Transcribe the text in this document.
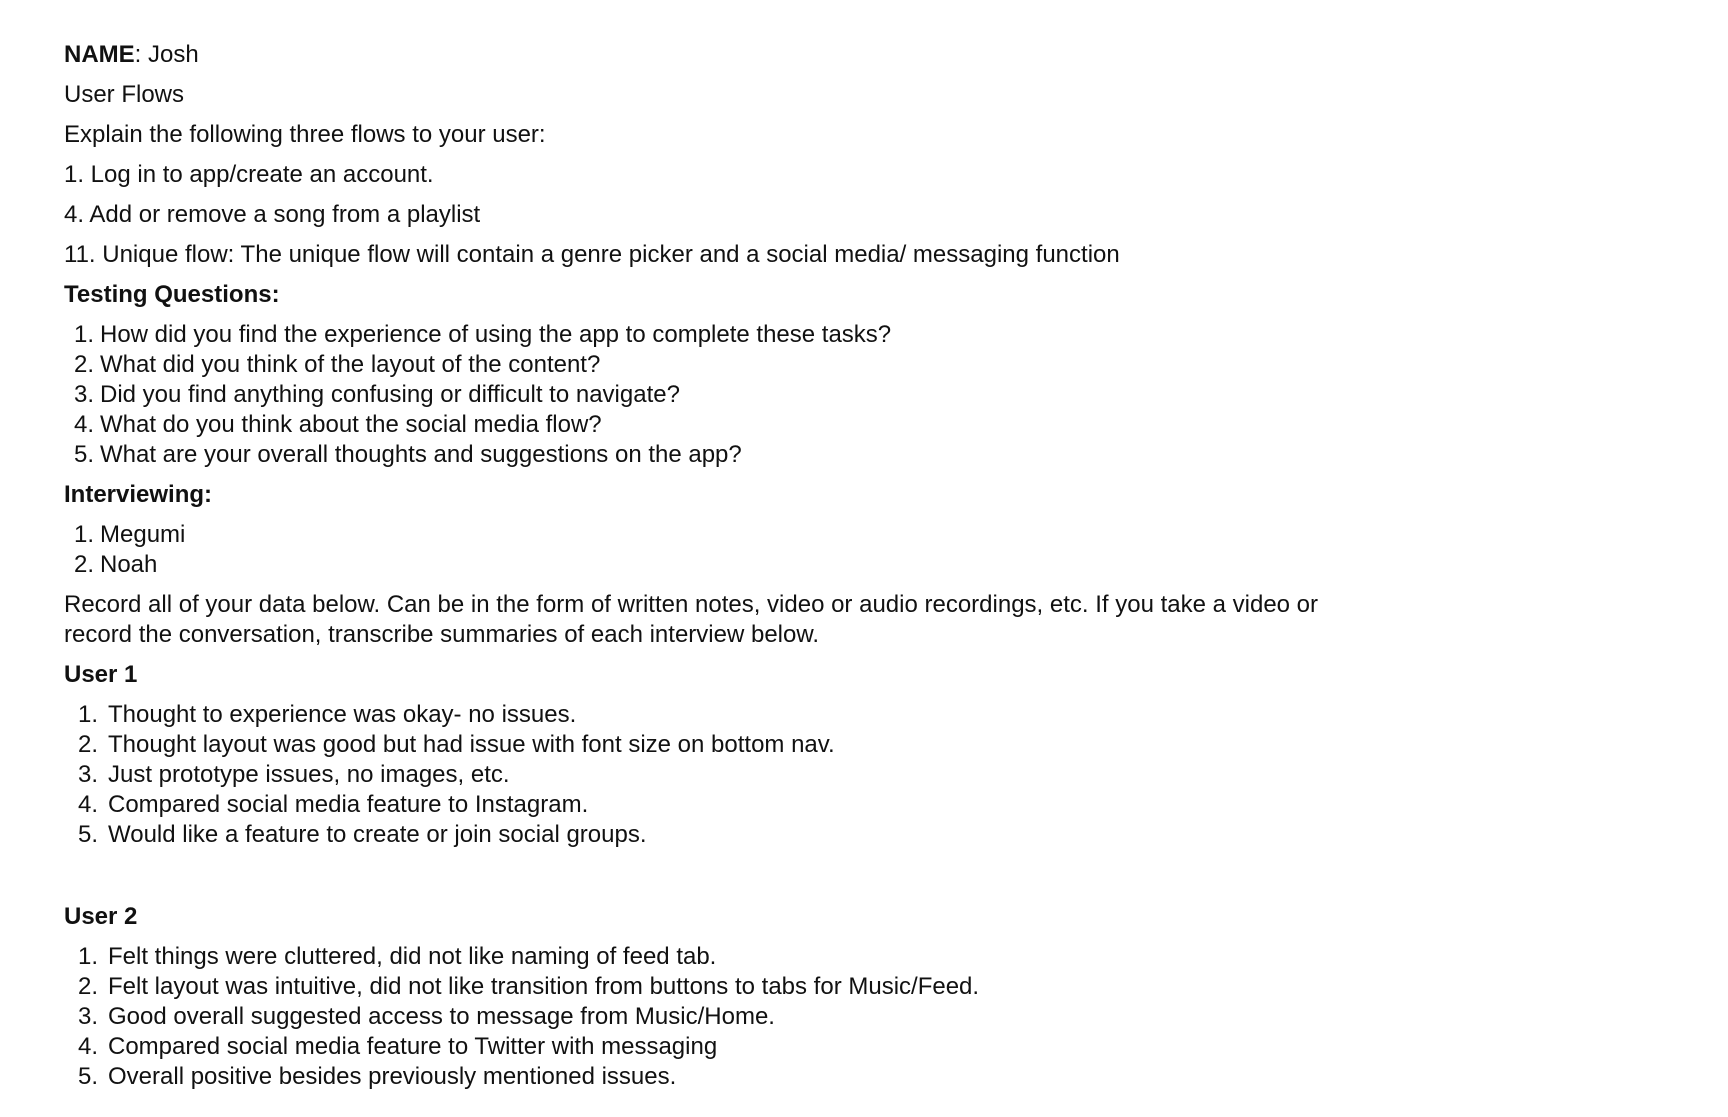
NAME: Josh

User Flows

Explain the following three flows to your user:

1. Log in to app/create an account.

4. Add or remove a song from a playlist

11. Unique flow: The unique flow will contain a genre picker and a social media/ messaging function

Testing Questions:

1. How did you find the experience of using the app to complete these tasks?
2. What did you think of the layout of the content?
3. Did you find anything confusing or difficult to navigate?
4. What do you think about the social media flow?
5. What are your overall thoughts and suggestions on the app?

Interviewing:

1. Megumi
2. Noah

Record all of your data below. Can be in the form of written notes, video or audio recordings, etc. If you take a video or
record the conversation, transcribe summaries of each interview below.

User 1

1. Thought to experience was okay- no issues.
2. Thought layout was good but had issue with font size on bottom nav.
3. Just prototype issues, no images, etc.
4. Compared social media feature to Instagram.
5. Would like a feature to create or join social groups.

User 2

1. Felt things were cluttered, did not like naming of feed tab.
2. Felt layout was intuitive, did not like transition from buttons to tabs for Music/Feed.
3. Good overall suggested access to message from Music/Home.
4. Compared social media feature to Twitter with messaging
5. Overall positive besides previously mentioned issues.
